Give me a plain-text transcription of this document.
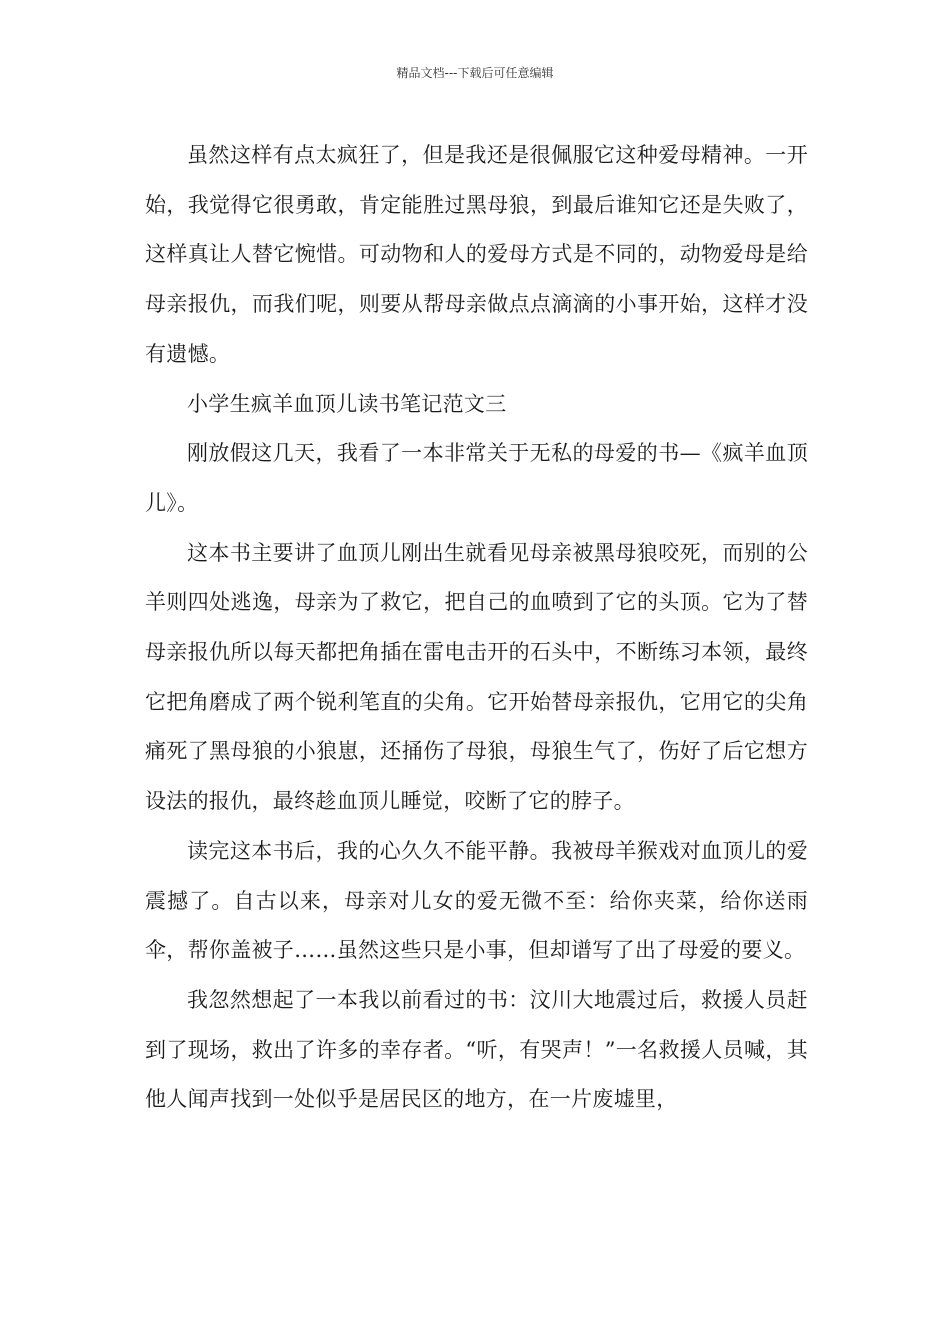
精品文档---下载后可任意编辑

虽然这样有点太疯狂了，但是我还是很佩服它这种爱母精神。一开始，我觉得它很勇敢，肯定能胜过黑母狼，到最后谁知它还是失败了，这样真让人替它惋惜。可动物和人的爱母方式是不同的，动物爱母是给母亲报仇，而我们呢，则要从帮母亲做点点滴滴的小事开始，这样才没有遗憾。

小学生疯羊血顶儿读书笔记范文三

刚放假这几天，我看了一本非常关于无私的母爱的书—《疯羊血顶儿》。

这本书主要讲了血顶儿刚出生就看见母亲被黑母狼咬死，而别的公羊则四处逃逸，母亲为了救它，把自己的血喷到了它的头顶。它为了替母亲报仇所以每天都把角插在雷电击开的石头中，不断练习本领，最终它把角磨成了两个锐利笔直的尖角。它开始替母亲报仇，它用它的尖角痛死了黑母狼的小狼崽，还捅伤了母狼，母狼生气了，伤好了后它想方设法的报仇，最终趁血顶儿睡觉，咬断了它的脖子。

读完这本书后，我的心久久不能平静。我被母羊猴戏对血顶儿的爱震撼了。自古以来，母亲对儿女的爱无微不至：给你夹菜，给你送雨伞，帮你盖被子……虽然这些只是小事，但却谱写了出了母爱的要义。

我忽然想起了一本我以前看过的书：汶川大地震过后，救援人员赶到了现场，救出了许多的幸存者。“听，有哭声！”一名救援人员喊，其他人闻声找到一处似乎是居民区的地方，在一片废墟里，
